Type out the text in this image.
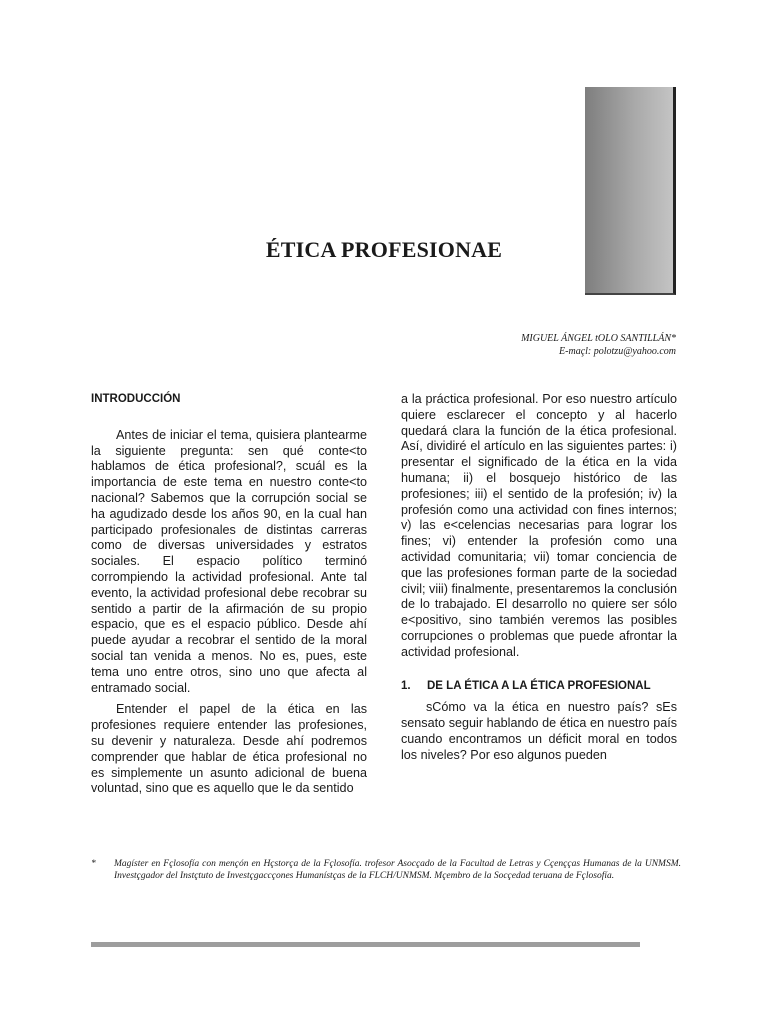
ÉTICA PROFESIONAE
MIGUEL ÁNGEL tOLO SANTILLÁN*
E-maçl: polotzu@yahoo.com

INTRODUCCIÓN

Antes de iniciar el tema, quisiera plantearme la siguiente pregunta: sen qué conte<to hablamos de ética profesional?, scuál es la importancia de este tema en nuestro conte<to nacional? Sabemos que la corrupción social se ha agudizado desde los años 90, en la cual han participado profesionales de distintas carreras como de diversas universidades y estratos sociales. El espacio político terminó corrompiendo la actividad profesional. Ante tal evento, la actividad profesional debe recobrar su sentido a partir de la afirmación de su propio espacio, que es el espacio público. Desde ahí puede ayudar a recobrar el sentido de la moral social tan venida a menos. No es, pues, este tema uno entre otros, sino uno que afecta al entramado social.

Entender el papel de la ética en las profesiones requiere entender las profesiones, su devenir y naturaleza. Desde ahí podremos comprender que hablar de ética profesional no es simplemente un asunto adicional de buena voluntad, sino que es aquello que le da sentido

a la práctica profesional. Por eso nuestro artículo quiere esclarecer el concepto y al hacerlo quedará clara la función de la ética profesional. Así, dividiré el artículo en las siguientes partes: i) presentar el significado de la ética en la vida humana; ii) el bosquejo histórico de las profesiones; iii) el sentido de la profesión; iv) la profesión como una actividad con fines internos; v) las e<celencias necesarias para lograr los fines; vi) entender la profesión como una actividad comunitaria; vii) tomar conciencia de que las profesiones forman parte de la sociedad civil; viii) finalmente, presentaremos la conclusión de lo trabajado. El desarrollo no quiere ser sólo e<positivo, sino también veremos las posibles corrupciones o problemas que puede afrontar la actividad profesional.

1. DE LA ÉTICA A LA ÉTICA PROFESIONAL

sCómo va la ética en nuestro país? sEs sensato seguir hablando de ética en nuestro país cuando encontramos un déficit moral en todos los niveles? Por eso algunos pueden

*	Magíster en Fçlosofía con mençón en Hçstorça de la Fçlosofía. trofesor Asocçado de la Facultad de Letras y Cçençças Humanas de la UNMSM. Investçgador del Instçtuto de Investçgaccçones Humanístças de la FLCH/UNMSM. Mçembro de la Socçedad teruana de Fçlosofía.
